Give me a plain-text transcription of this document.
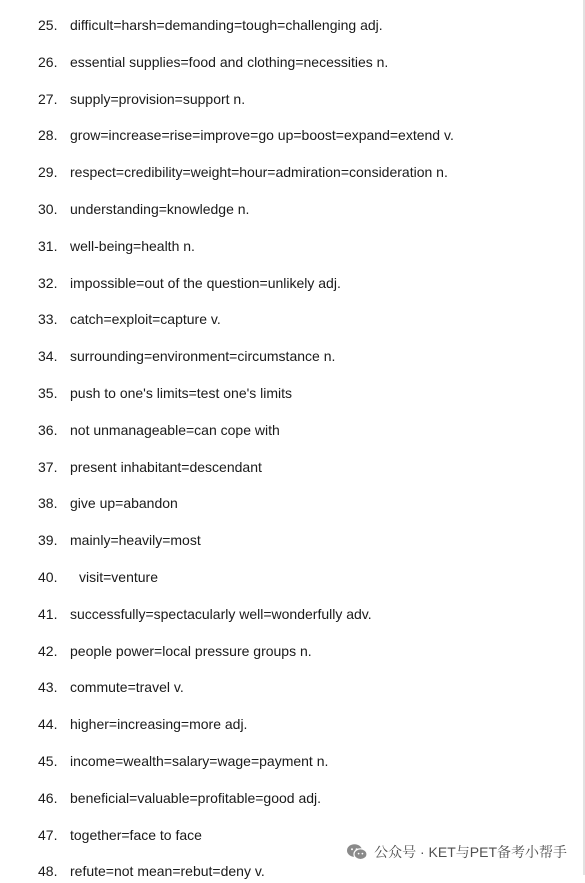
25. difficult=harsh=demanding=tough=challenging adj.
26. essential supplies=food and clothing=necessities n.
27. supply=provision=support n.
28. grow=increase=rise=improve=go up=boost=expand=extend v.
29. respect=credibility=weight=hour=admiration=consideration n.
30. understanding=knowledge n.
31. well-being=health n.
32. impossible=out of the question=unlikely adj.
33. catch=exploit=capture v.
34. surrounding=environment=circumstance n.
35. push to one's limits=test one's limits
36. not unmanageable=can cope with
37. present inhabitant=descendant
38. give up=abandon
39. mainly=heavily=most
40. visit=venture
41. successfully=spectacularly well=wonderfully adv.
42. people power=local pressure groups n.
43. commute=travel v.
44. higher=increasing=more adj.
45. income=wealth=salary=wage=payment n.
46. beneficial=valuable=profitable=good adj.
47. together=face to face
48. refute=not mean=rebut=deny v.
公众号 · KET与PET备考小帮手
